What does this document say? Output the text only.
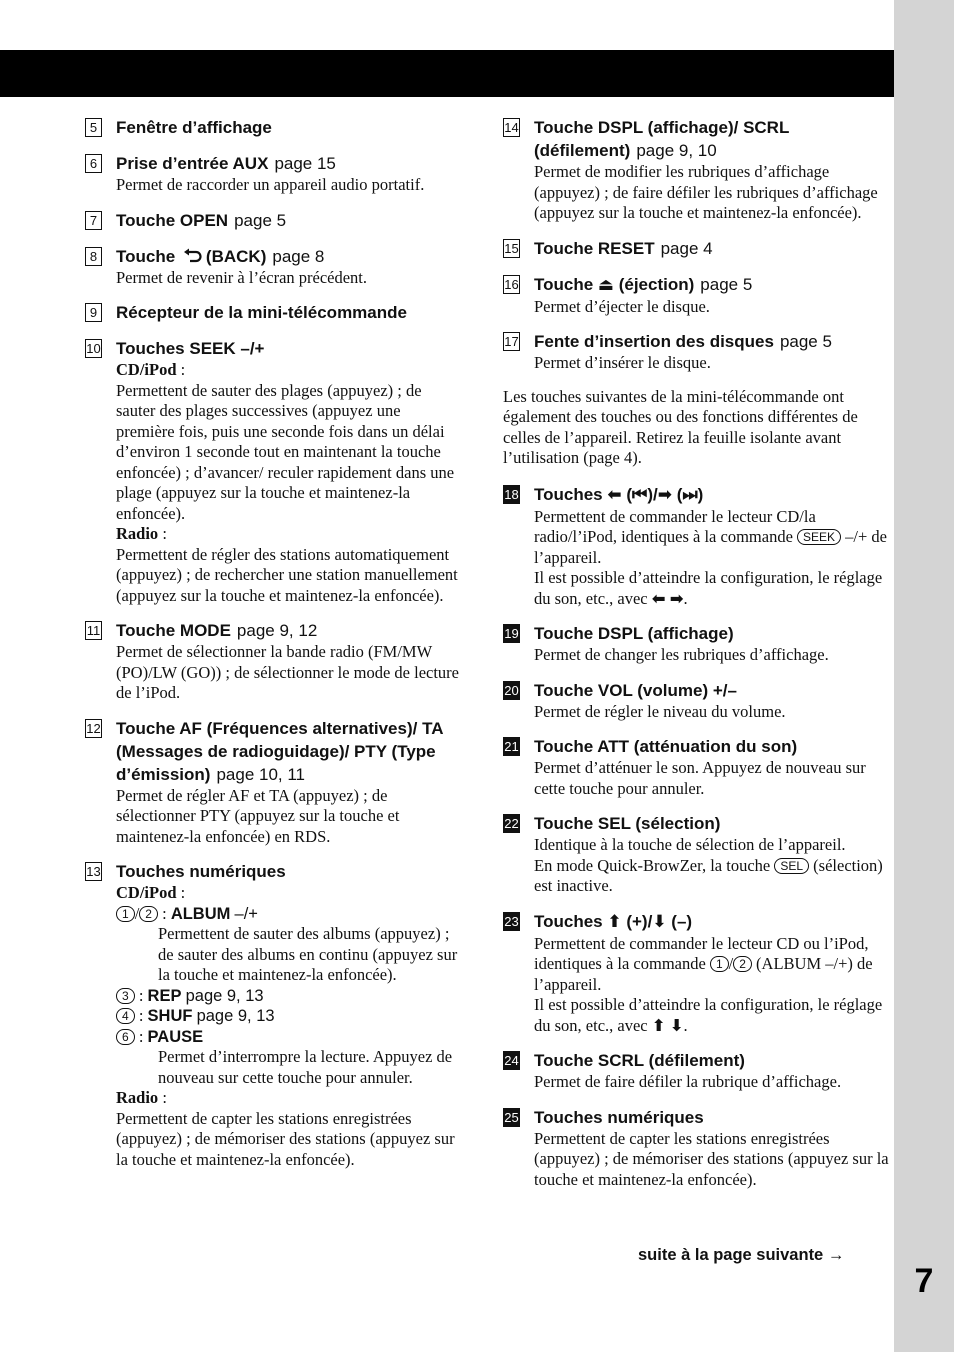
7
5 Fenêtre d’affichage
6 Prise d’entrée AUX page 15
Permet de raccorder un appareil audio portatif.
7 Touche OPEN page 5
8 Touche (BACK) page 8
Permet de revenir à l’écran précédent.
9 Récepteur de la mini-télécommande
10 Touches SEEK –/+
CD/iPod :
Permettent de sauter des plages (appuyez) ; de sauter des plages successives (appuyez une première fois, puis une seconde fois dans un délai d’environ 1 seconde tout en maintenant la touche enfoncée) ; d’avancer/ reculer rapidement dans une plage (appuyez sur la touche et maintenez-la enfoncée).
Radio :
Permettent de régler des stations automatiquement (appuyez) ; de rechercher une station manuellement (appuyez sur la touche et maintenez-la enfoncée).
11 Touche MODE page 9, 12
Permet de sélectionner la bande radio (FM/MW (PO)/LW (GO)) ; de sélectionner le mode de lecture de l’iPod.
12 Touche AF (Fréquences alternatives)/ TA (Messages de radioguidage)/ PTY (Type d’émission) page 10, 11
Permet de régler AF et TA (appuyez) ; de sélectionner PTY (appuyez sur la touche et maintenez-la enfoncée) en RDS.
13 Touches numériques
CD/iPod :
1 / 2 : ALBUM –/+
Permettent de sauter des albums (appuyez) ; de sauter des albums en continu (appuyez sur la touche et maintenez-la enfoncée).
3 : REP page 9, 13
4 : SHUF page 9, 13
6 : PAUSE
Permet d’interrompre la lecture. Appuyez de nouveau sur cette touche pour annuler.
Radio :
Permettent de capter les stations enregistrées (appuyez) ; de mémoriser des stations (appuyez sur la touche et maintenez-la enfoncée).
14 Touche DSPL (affichage)/ SCRL (défilement) page 9, 10
Permet de modifier les rubriques d’affichage (appuyez) ; de faire défiler les rubriques d’affichage (appuyez sur la touche et maintenez-la enfoncée).
15 Touche RESET page 4
16 Touche ⏏ (éjection) page 5
Permet d’éjecter le disque.
17 Fente d’insertion des disques page 5
Permet d’insérer le disque.

Les touches suivantes de la mini-télécommande ont également des touches ou des fonctions différentes de celles de l’appareil. Retirez la feuille isolante avant l’utilisation (page 4).

18 Touches ⬅ (⏮)/➡ (⏭)
Permettent de commander le lecteur CD/la radio/l’iPod, identiques à la commande SEEK –/+ de l’appareil.
Il est possible d’atteindre la configuration, le réglage du son, etc., avec ⬅ ➡.
19 Touche DSPL (affichage)
Permet de changer les rubriques d’affichage.
20 Touche VOL (volume) +/–
Permet de régler le niveau du volume.
21 Touche ATT (atténuation du son)
Permet d’atténuer le son. Appuyez de nouveau sur cette touche pour annuler.
22 Touche SEL (sélection)
Identique à la touche de sélection de l’appareil.
En mode Quick-BrowZer, la touche SEL (sélection) est inactive.
23 Touches ⬆ (+)/⬇ (–)
Permettent de commander le lecteur CD ou l’iPod, identiques à la commande 1 / 2 (ALBUM –/+) de l’appareil.
Il est possible d’atteindre la configuration, le réglage du son, etc., avec ⬆ ⬇.
24 Touche SCRL (défilement)
Permet de faire défiler la rubrique d’affichage.
25 Touches numériques
Permettent de capter les stations enregistrées (appuyez) ; de mémoriser des stations (appuyez sur la touche et maintenez-la enfoncée).
suite à la page suivante →
